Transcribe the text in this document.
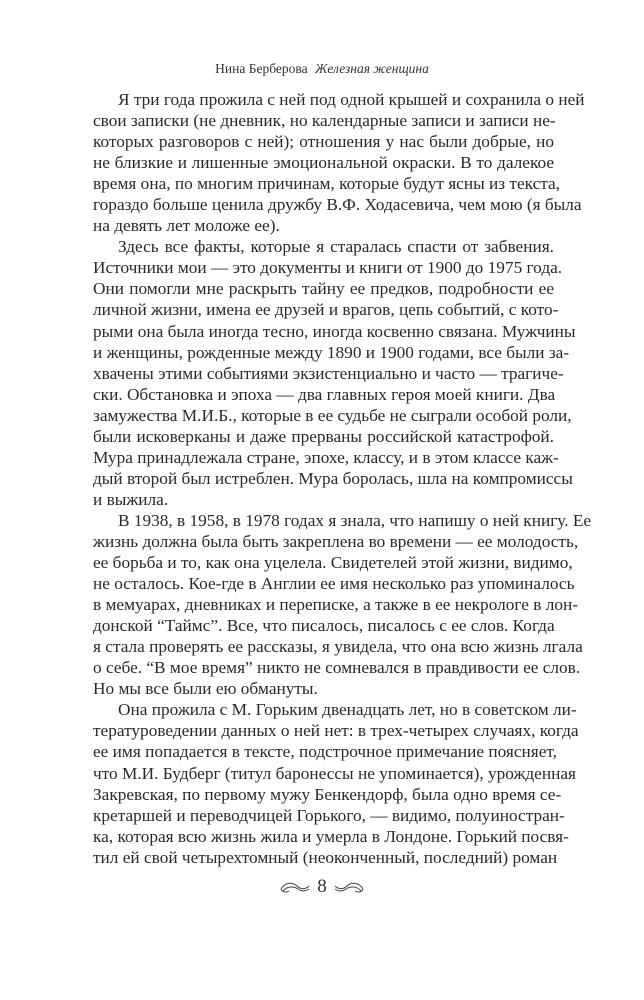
Нина Берберова Железная женщина
Я три года прожила с ней под одной крышей и сохранила о ней
свои записки (не дневник, но календарные записи и записи не-
которых разговоров с ней); отношения у нас были добрые, но
не близкие и лишенные эмоциональной окраски. В то далекое
время она, по многим причинам, которые будут ясны из текста,
гораздо больше ценила дружбу В.Ф. Ходасевича, чем мою (я была
на девять лет моложе ее).
Здесь все факты, которые я старалась спасти от забвения.
Источники мои — это документы и книги от 1900 до 1975 года.
Они помогли мне раскрыть тайну ее предков, подробности ее
личной жизни, имена ее друзей и врагов, цепь событий, с кото-
рыми она была иногда тесно, иногда косвенно связана. Мужчины
и женщины, рожденные между 1890 и 1900 годами, все были за-
хвачены этими событиями экзистенциально и часто — трагиче-
ски. Обстановка и эпоха — два главных героя моей книги. Два
замужества М.И.Б., которые в ее судьбе не сыграли особой роли,
были исковерканы и даже прерваны российской катастрофой.
Мура принадлежала стране, эпохе, классу, и в этом классе каж-
дый второй был истреблен. Мура боролась, шла на компромиссы
и выжила.
В 1938, в 1958, в 1978 годах я знала, что напишу о ней книгу. Ее
жизнь должна была быть закреплена во времени — ее молодость,
ее борьба и то, как она уцелела. Свидетелей этой жизни, видимо,
не осталось. Кое-где в Англии ее имя несколько раз упоминалось
в мемуарах, дневниках и переписке, а также в ее некрологе в лон-
донской “Таймс”. Все, что писалось, писалось с ее слов. Когда
я стала проверять ее рассказы, я увидела, что она всю жизнь лгала
о себе. “В мое время” никто не сомневался в правдивости ее слов.
Но мы все были ею обмануты.
Она прожила с М. Горьким двенадцать лет, но в советском ли-
тературоведении данных о ней нет: в трех-четырех случаях, когда
ее имя попадается в тексте, подстрочное примечание поясняет,
что М.И. Будберг (титул баронессы не упоминается), урожденная
Закревская, по первому мужу Бенкендорф, была одно время се-
кретаршей и переводчицей Горького, — видимо, полуиностран-
ка, которая всю жизнь жила и умерла в Лондоне. Горький посвя-
тил ей свой четырехтомный (неоконченный, последний) роман
8
